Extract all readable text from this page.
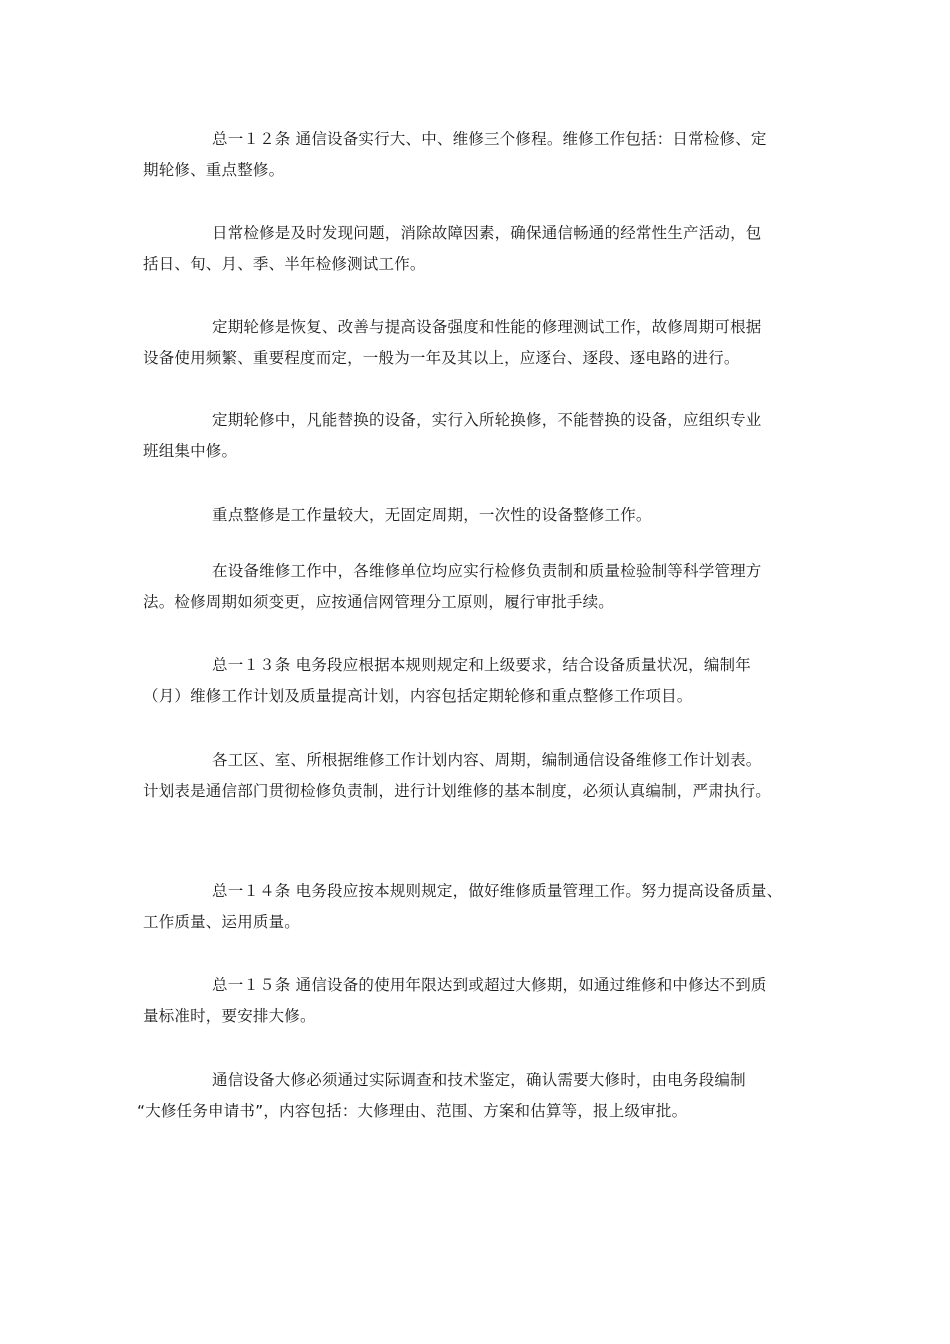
总一１２条 通信设备实行大、中、维修三个修程。维修工作包括：日常检修、定
期轮修、重点整修。
日常检修是及时发现问题，消除故障因素，确保通信畅通的经常性生产活动，包
括日、旬、月、季、半年检修测试工作。
定期轮修是恢复、改善与提高设备强度和性能的修理测试工作，故修周期可根据
设备使用频繁、重要程度而定，一般为一年及其以上，应逐台、逐段、逐电路的进行。
定期轮修中，凡能替换的设备，实行入所轮换修，不能替换的设备，应组织专业
班组集中修。
重点整修是工作量较大，无固定周期，一次性的设备整修工作。
在设备维修工作中，各维修单位均应实行检修负责制和质量检验制等科学管理方
法。检修周期如须变更，应按通信网管理分工原则，履行审批手续。
总一１３条 电务段应根据本规则规定和上级要求，结合设备质量状况，编制年
（月）维修工作计划及质量提高计划，内容包括定期轮修和重点整修工作项目。
各工区、室、所根据维修工作计划内容、周期，编制通信设备维修工作计划表。
计划表是通信部门贯彻检修负责制，进行计划维修的基本制度，必须认真编制，严肃执行。
总一１４条 电务段应按本规则规定，做好维修质量管理工作。努力提高设备质量、
工作质量、运用质量。
总一１５条 通信设备的使用年限达到或超过大修期，如通过维修和中修达不到质
量标准时，要安排大修。
通信设备大修必须通过实际调查和技术鉴定，确认需要大修时，由电务段编制
“大修任务申请书”，内容包括：大修理由、范围、方案和估算等，报上级审批。
